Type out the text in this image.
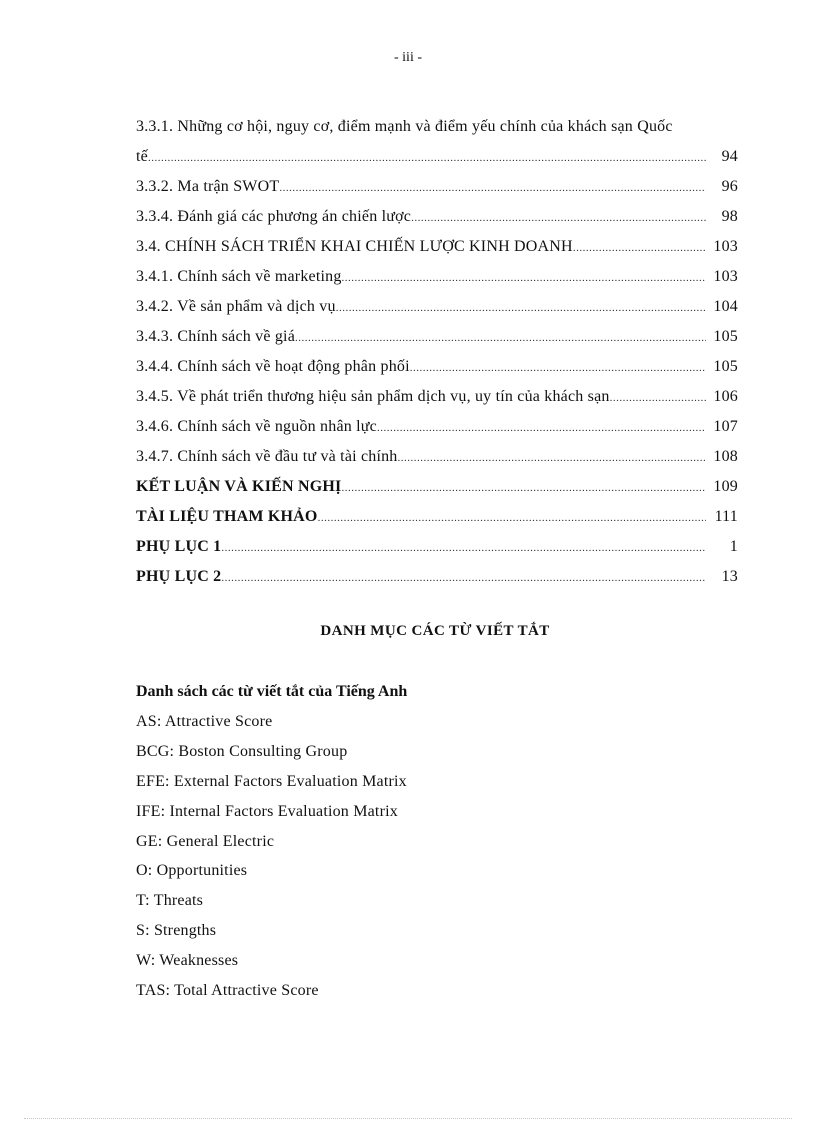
- iii -
3.3.1. Những cơ hội, nguy cơ, điểm mạnh và điểm yếu chính của khách sạn Quốc
tế .....	94
3.3.2. Ma trận SWOT .....	96
3.3.4. Đánh giá các phương án chiến lược .....	98
3.4. CHÍNH SÁCH TRIỂN KHAI CHIẾN LƯỢC KINH DOANH .....	103
3.4.1. Chính sách về marketing .....	103
3.4.2. Về sản phẩm và dịch vụ .....	104
3.4.3. Chính sách về giá .....	105
3.4.4. Chính sách về hoạt động phân phối .....	105
3.4.5. Về phát triển thương hiệu sản phẩm dịch vụ, uy tín của khách sạn .....	106
3.4.6. Chính sách về nguồn nhân lực .....	107
3.4.7. Chính sách về đầu tư và tài chính .....	108
KẾT LUẬN VÀ KIẾN NGHỊ .....	109
TÀI LIỆU THAM KHẢO .....	111
PHỤ LỤC 1 .....	1
PHỤ LỤC 2 .....	13
DANH MỤC CÁC TỪ VIẾT TẮT
Danh sách các từ viết tắt của Tiếng Anh
AS: Attractive Score
BCG: Boston Consulting Group
EFE: External Factors Evaluation Matrix
IFE: Internal Factors Evaluation Matrix
GE: General Electric
O: Opportunities
T: Threats
S: Strengths
W: Weaknesses
TAS: Total Attractive Score
